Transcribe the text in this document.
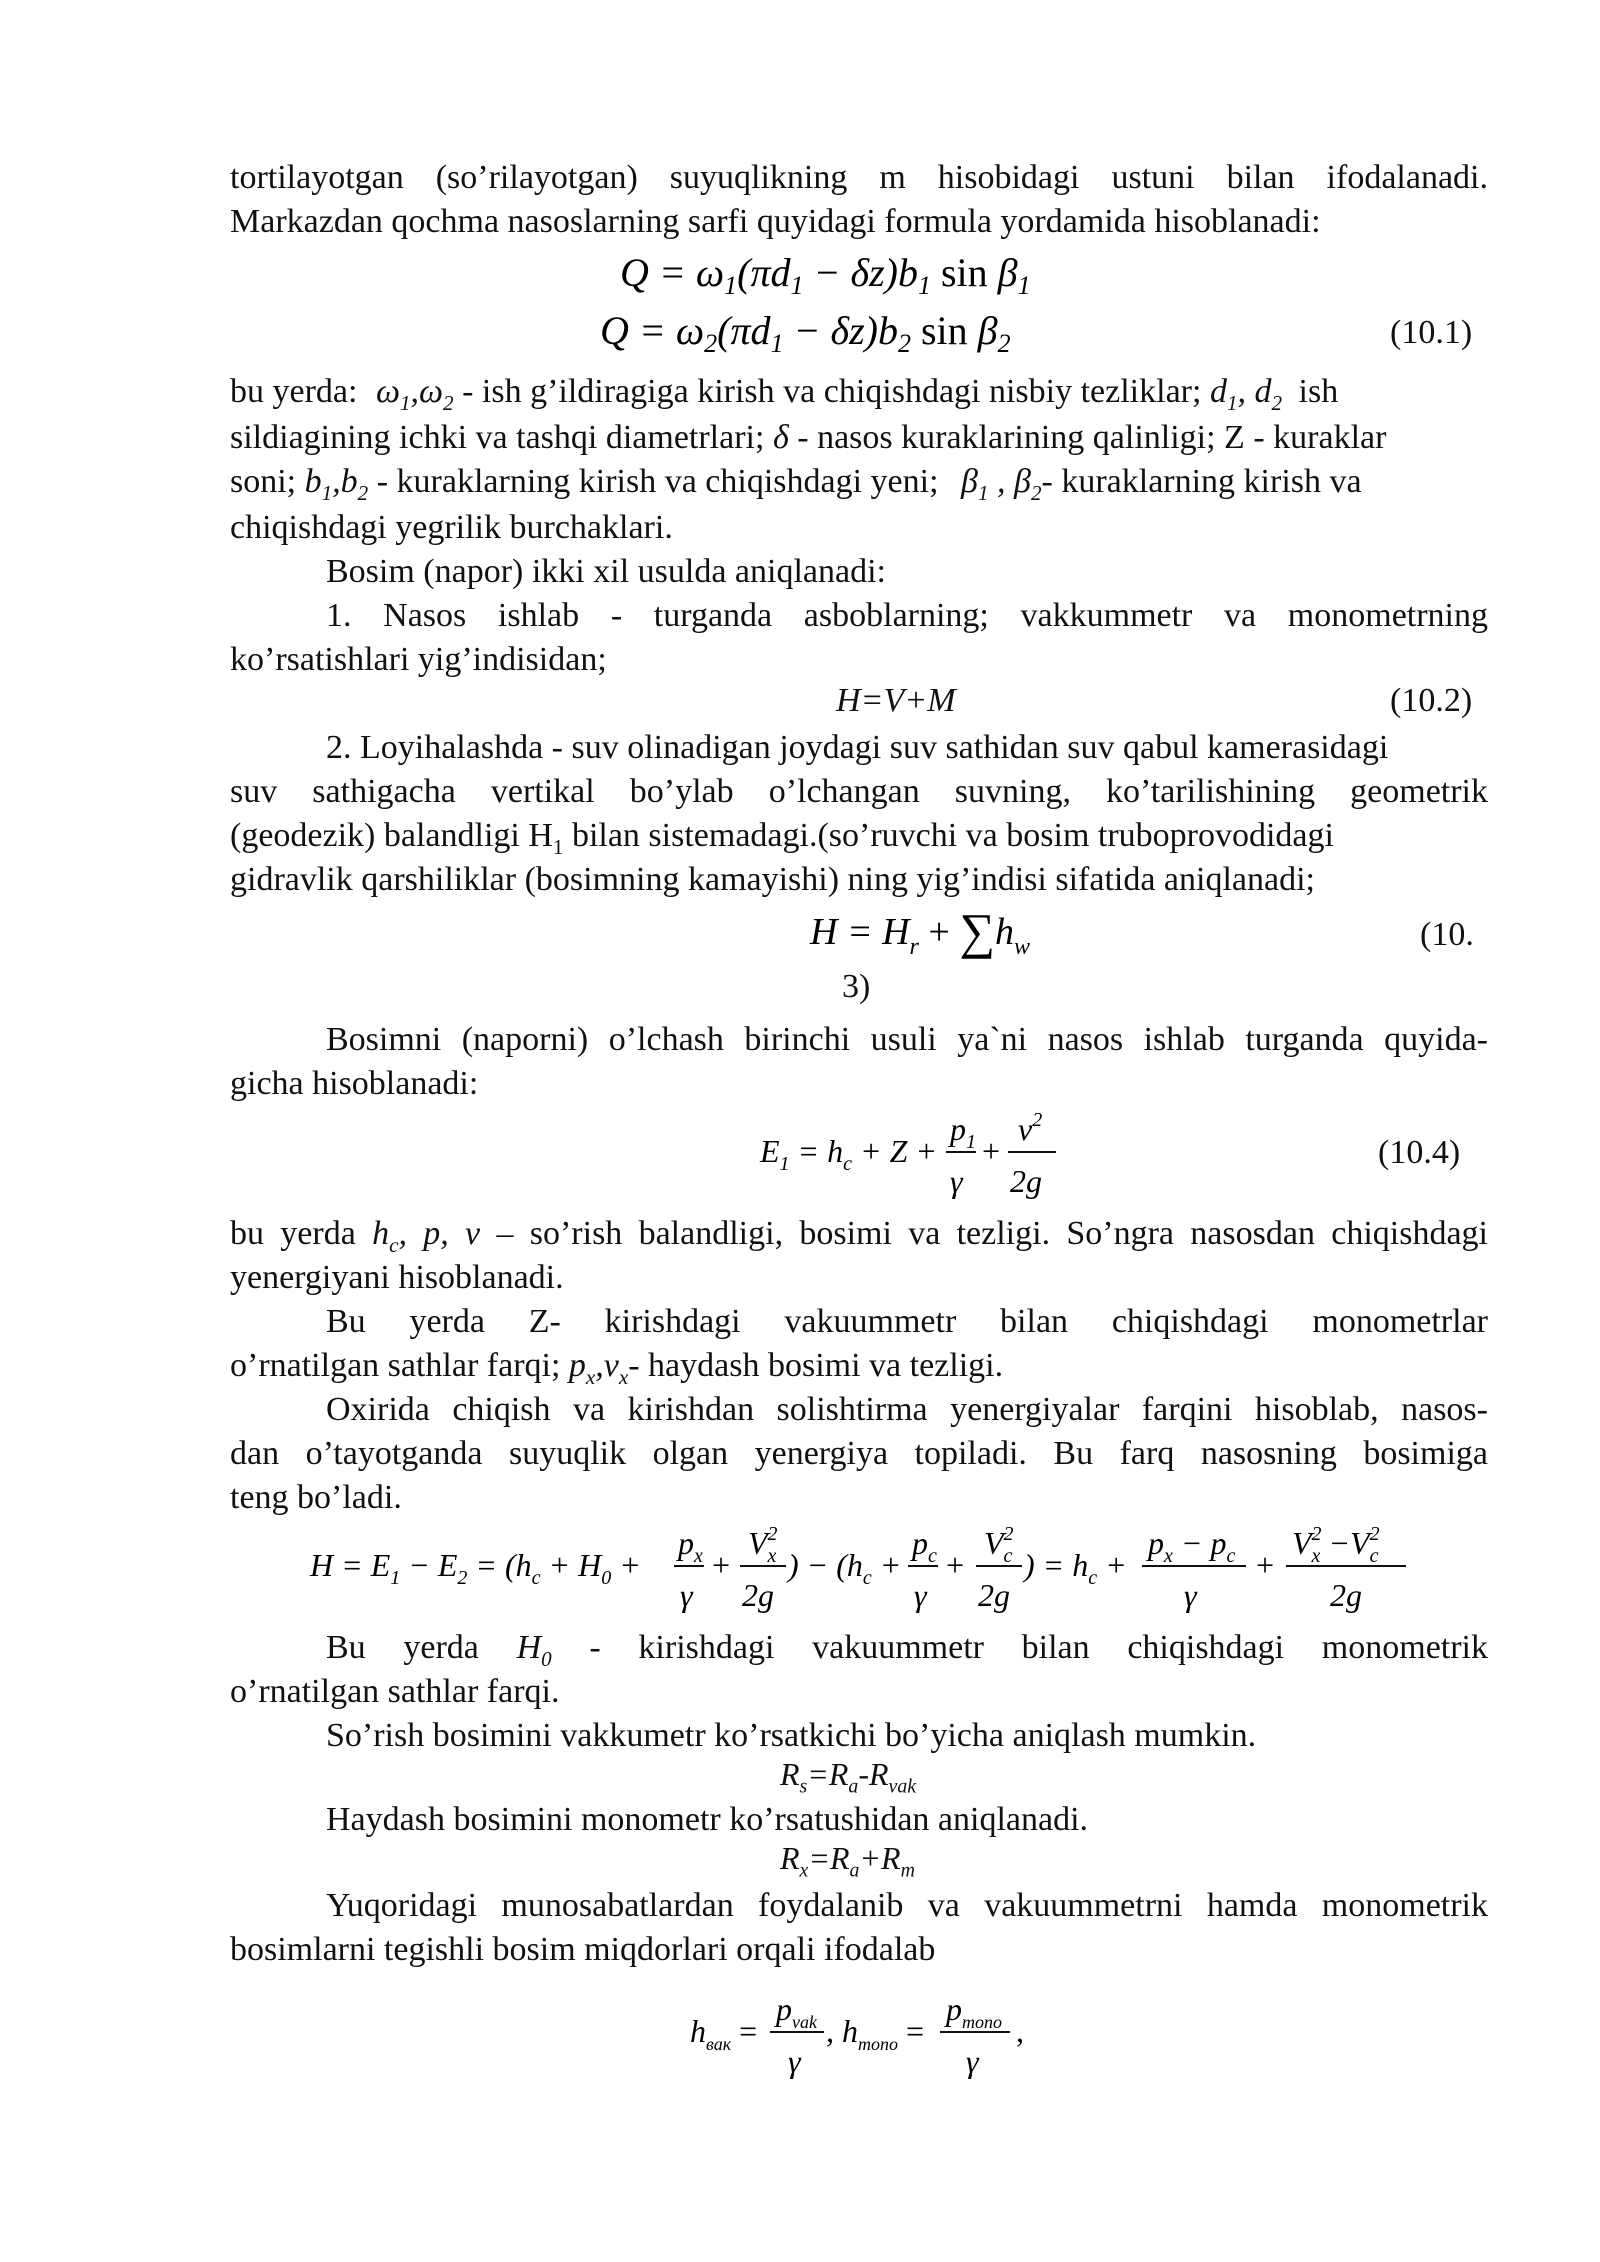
tortilayotgan (so’rilayotgan) suyuqlikning m hisobidagi ustuni bilan ifodalanadi.
Markazdan qochma nasoslarning sarfi quyidagi formula yordamida hisoblanadi:
$Q = \omega_1(\pi d_1 - \delta z)b_1$ $\sin \beta_1$
$Q = \omega_2(\pi d_1 - \delta z)b_2$ $\sin \beta_2$	(10.1)
bu yerda: $\omega_1,\omega_2$ - ish g’ildiragiga kirish va chiqishdagi nisbiy tezliklar; $d_1$, $d_2$ ish
sildiagining ichki va tashqi diametrlari; δ - nasos kuraklarining qalinligi; Z - kuraklar
soni; $b_1,b_2$ - kuraklarning kirish va chiqishdagi yeni; $\beta_1$ , $\beta_2-$ kuraklarning kirish va
chiqishdagi yegrilik burchaklari.
Bosim (napor) ikki xil usulda aniqlanadi:
1. Nasos ishlab - turganda asboblarning; vakkummetr va monometrning
ko’rsatishlari yig’indisidan;
H=V+M	(10.2)
2. Loyihalashda - suv olinadigan joydagi suv sathidan suv qabul kamerasidagi
suv sathigacha vertikal bo’ylab o’lchangan suvning, ko’tarilishining geometrik
(geodezik) balandligi $H_1$ bilan sistemadagi.(so’ruvchi va bosim truboprovodidagi
gidravlik qarshiliklar (bosimning kamayishi) ning yig’indisi sifatida aniqlanadi;
$H = H_r + \sum h_w$	(10.
3)
Bosimni (naporni) o’lchash birinchi usuli ya`ni nasos ishlab turganda quyida-
gicha hisoblanadi:
$E_1 = h_c + Z$ +
$p_1$
γ
+
$v^2$
2g
(10.4)
bu yerda $h_c$, p, v – so’rish balandligi, bosimi va tezligi. So’ngra nasosdan chiqishdagi
yenergiyani hisoblanadi.
Bu yerda Z- kirishdagi vakuummetr bilan chiqishdagi monometrlar
o’rnatilgan sathlar farqi; $p_x,v_x-$ haydash bosimi va tezligi.
Oxirida chiqish va kirishdan solishtirma yenergiyalar farqini hisoblab, nasos-
dan o’tayotganda suyuqlik olgan yenergiya topiladi. Bu farq nasosning bosimiga
teng bo’ladi.
$H = E_1 - E_2 = (h_c + H_0$ +
$p_x$
γ
+
$V^2$ x
2g
) − ($h_c$ +
$p_c$
γ
+
$V^2$ c
2g
) = $h_c$ +
$p_x - p_c$
γ
+
$V^2$ $x -V^2$ c
2g
Bu yerda $H_0$ - kirishdagi vakuummetr bilan chiqishdagi monometrik
o’rnatilgan sathlar farqi.
So’rish bosimini vakkumetr ko’rsatkichi bo’yicha aniqlash mumkin.
$R_s=R_a-R_{vak}$
Haydash bosimini monometr ko’rsatushidan aniqlanadi.
$R_x=R_a+R_m$
Yuqoridagi munosabatlardan foydalanib va vakuummetrni hamda monometrik
bosimlarni tegishli bosim miqdorlari orqali ifodalab
$h_{вак}$ =
$p_{vak}$
γ
, $h_{mono}$ =
$p_{mono}$
γ
,
